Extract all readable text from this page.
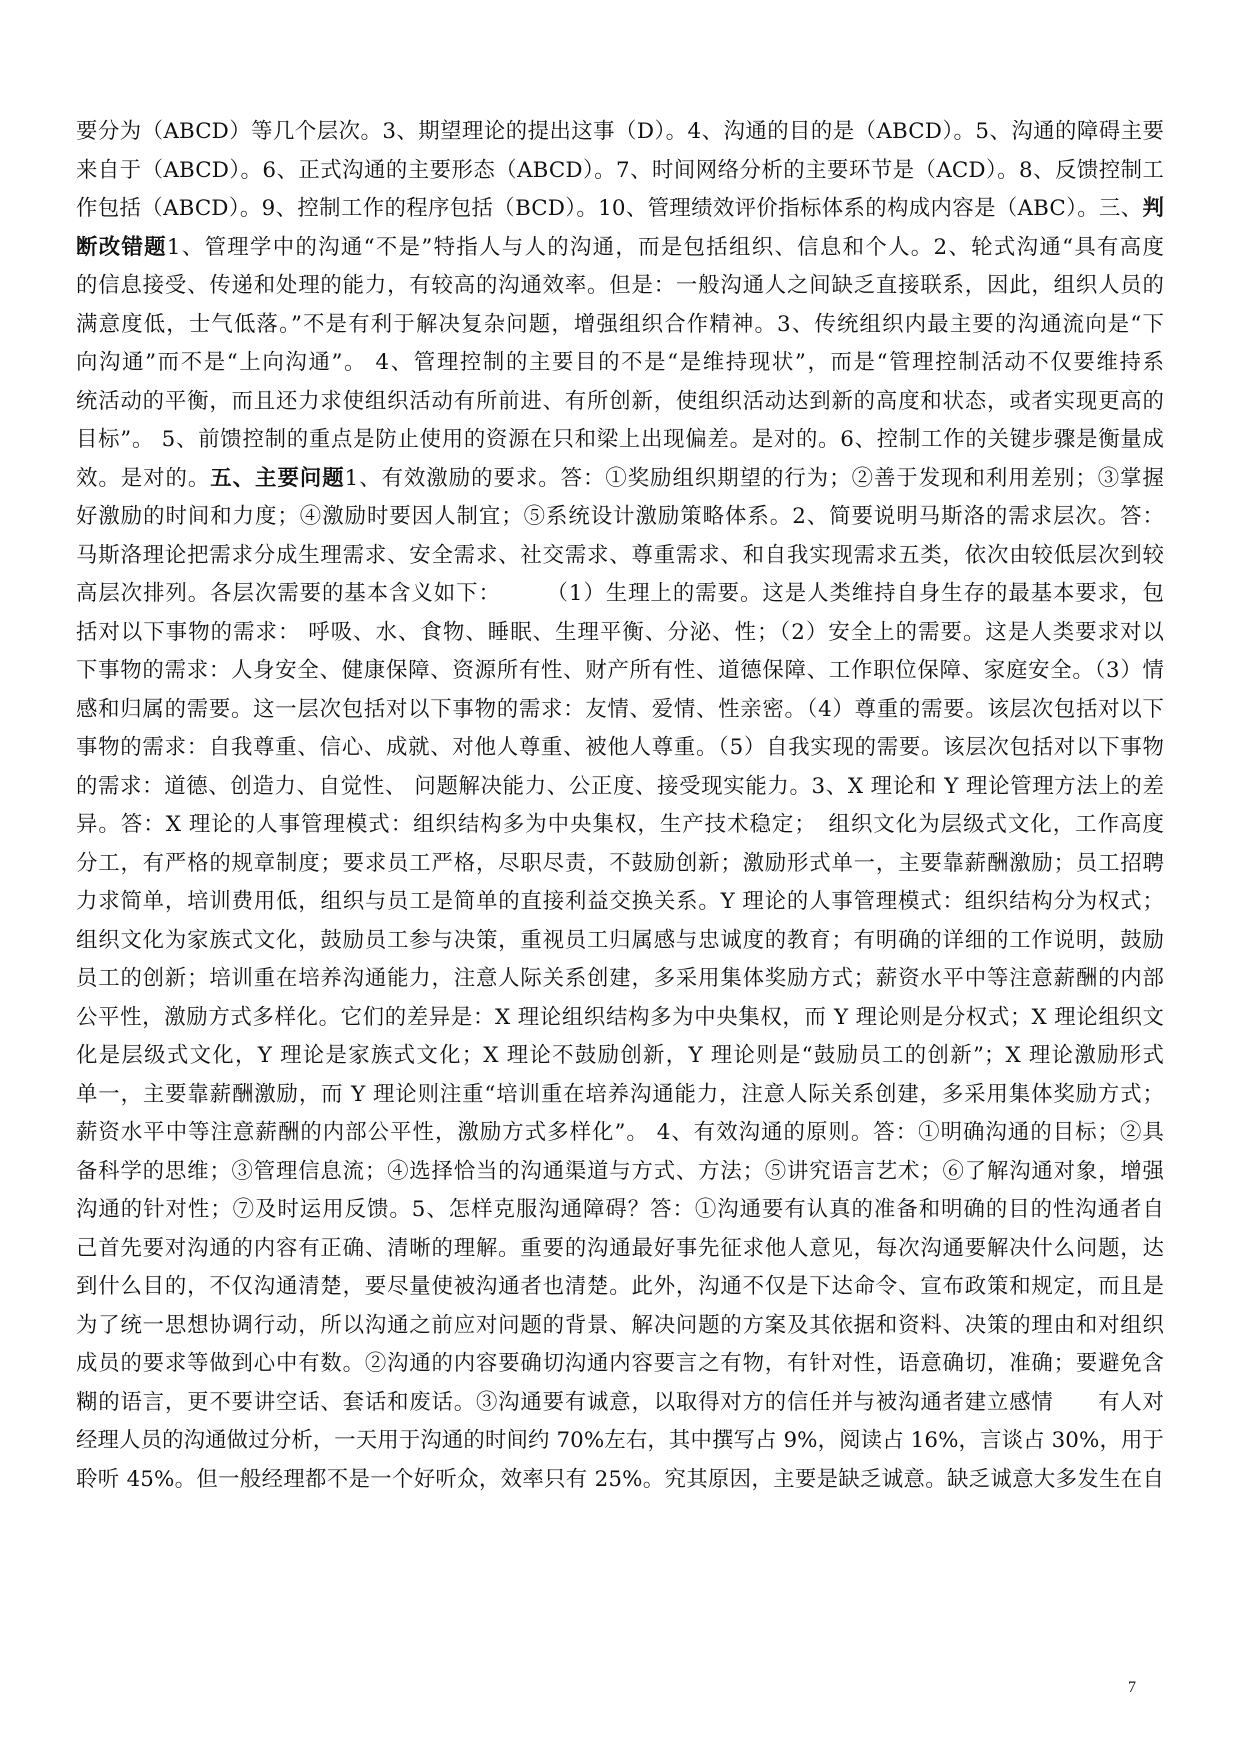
要分为（ABCD）等几个层次。3、期望理论的提出这事（D）。4、沟通的目的是（ABCD）。5、沟通的障碍主要
来自于（ABCD）。6、正式沟通的主要形态（ABCD）。7、时间网络分析的主要环节是（ACD）。8、反馈控制工
作包括（ABCD）。9、控制工作的程序包括（BCD）。10、管理绩效评价指标体系的构成内容是（ABC）。三、判
断改错题1、管理学中的沟通“不是”特指人与人的沟通，而是包括组织、信息和个人。2、轮式沟通“具有高度
的信息接受、传递和处理的能力，有较高的沟通效率。但是：一般沟通人之间缺乏直接联系，因此，组织人员的
满意度低，士气低落。”不是有利于解决复杂问题，增强组织合作精神。3、传统组织内最主要的沟通流向是“下
向沟通”而不是“上向沟通”。 4、管理控制的主要目的不是“是维持现状”，而是“管理控制活动不仅要维持系
统活动的平衡，而且还力求使组织活动有所前进、有所创新，使组织活动达到新的高度和状态，或者实现更高的
目标”。 5、前馈控制的重点是防止使用的资源在只和梁上出现偏差。是对的。6、控制工作的关键步骤是衡量成
效。是对的。五、主要问题1、有效激励的要求。答：①奖励组织期望的行为；②善于发现和利用差别；③掌握
好激励的时间和力度；④激励时要因人制宜；⑤系统设计激励策略体系。2、简要说明马斯洛的需求层次。答：
马斯洛理论把需求分成生理需求、安全需求、社交需求、尊重需求、和自我实现需求五类，依次由较低层次到较
高层次排列。各层次需要的基本含义如下：　　　（1）生理上的需要。这是人类维持自身生存的最基本要求，包
括对以下事物的需求： 呼吸、水、食物、睡眠、生理平衡、分泌、性；（2）安全上的需要。这是人类要求对以
下事物的需求：人身安全、健康保障、资源所有性、财产所有性、道德保障、工作职位保障、家庭安全。（3）情
感和归属的需要。这一层次包括对以下事物的需求：友情、爱情、性亲密。（4）尊重的需要。该层次包括对以下
事物的需求：自我尊重、信心、成就、对他人尊重、被他人尊重。（5）自我实现的需要。该层次包括对以下事物
的需求：道德、创造力、自觉性、 问题解决能力、公正度、接受现实能力。3、X 理论和 Y 理论管理方法上的差
异。答：X 理论的人事管理模式：组织结构多为中央集权，生产技术稳定；　组织文化为层级式文化，工作高度
分工，有严格的规章制度；要求员工严格，尽职尽责，不鼓励创新；激励形式单一，主要靠薪酬激励；员工招聘
力求简单，培训费用低，组织与员工是简单的直接利益交换关系。Y 理论的人事管理模式：组织结构分为权式；
组织文化为家族式文化，鼓励员工参与决策，重视员工归属感与忠诚度的教育；有明确的详细的工作说明，鼓励
员工的创新；培训重在培养沟通能力，注意人际关系创建，多采用集体奖励方式；薪资水平中等注意薪酬的内部
公平性，激励方式多样化。它们的差异是：X 理论组织结构多为中央集权，而 Y 理论则是分权式；X 理论组织文
化是层级式文化，Y 理论是家族式文化；X 理论不鼓励创新，Y 理论则是“鼓励员工的创新”；X 理论激励形式
单一，主要靠薪酬激励，而 Y 理论则注重“培训重在培养沟通能力，注意人际关系创建，多采用集体奖励方式；
薪资水平中等注意薪酬的内部公平性，激励方式多样化”。 4、有效沟通的原则。答：①明确沟通的目标；②具
备科学的思维；③管理信息流；④选择恰当的沟通渠道与方式、方法；⑤讲究语言艺术；⑥了解沟通对象，增强
沟通的针对性；⑦及时运用反馈。5、怎样克服沟通障碍？答：①沟通要有认真的准备和明确的目的性沟通者自
己首先要对沟通的内容有正确、清晰的理解。重要的沟通最好事先征求他人意见，每次沟通要解决什么问题，达
到什么目的，不仅沟通清楚，要尽量使被沟通者也清楚。此外，沟通不仅是下达命令、宣布政策和规定，而且是
为了统一思想协调行动，所以沟通之前应对问题的背景、解决问题的方案及其依据和资料、决策的理由和对组织
成员的要求等做到心中有数。②沟通的内容要确切沟通内容要言之有物，有针对性，语意确切，准确；要避免含
糊的语言，更不要讲空话、套话和废话。③沟通要有诚意，以取得对方的信任并与被沟通者建立感情　　有人对
经理人员的沟通做过分析，一天用于沟通的时间约 70%左右，其中撰写占 9%，阅读占 16%，言谈占 30%，用于
聆听 45%。但一般经理都不是一个好听众，效率只有 25%。究其原因，主要是缺乏诚意。缺乏诚意大多发生在自
7
